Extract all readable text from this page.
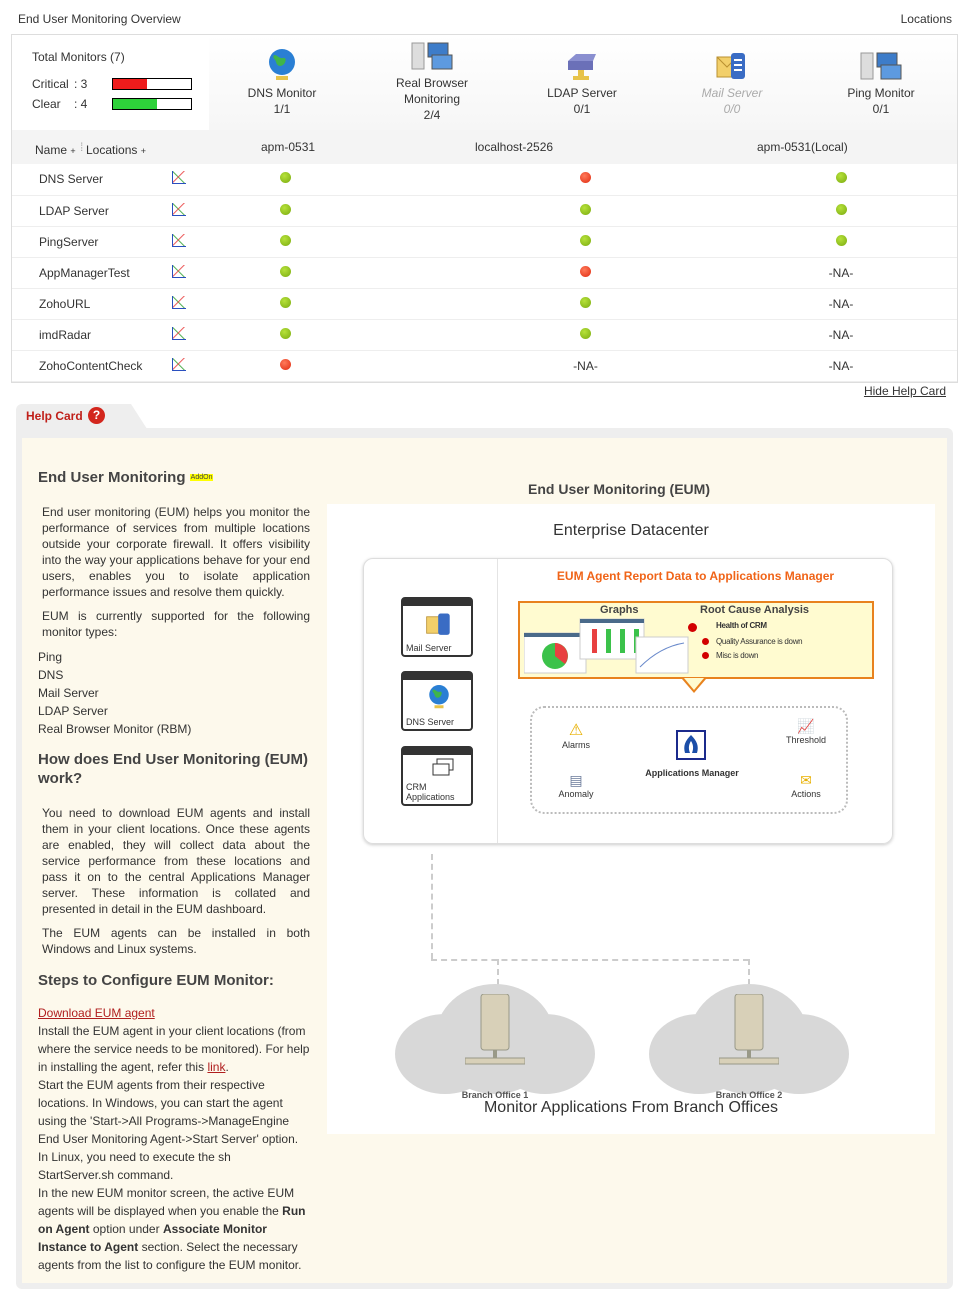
End User Monitoring Overview	Locations
Total Monitors (7)
Critical : 3
Clear : 4
DNS Monitor
1/1
Real Browser Monitoring
2/4
LDAP Server
0/1
Mail Server
0/0
Ping Monitor
0/1
Name + ⁞ Locations +	apm-0531	localhost-2526	apm-0531(Local)
DNS Server				
LDAP Server				
PingServer				
AppManagerTest				-NA-
ZohoURL				-NA-
imdRadar				-NA-
ZohoContentCheck			-NA-	-NA-
Hide Help Card
Help Card ?
End User Monitoring AddOn

End user monitoring (EUM) helps you monitor the performance of services from multiple locations outside your corporate firewall. It offers visibility into the way your applications behave for your end users, enables you to isolate application performance issues and resolve them quickly.

EUM is currently supported for the following monitor types:

Ping
DNS
Mail Server
LDAP Server
Real Browser Monitor (RBM)
How does End User Monitoring (EUM) work?

You need to download EUM agents and install them in your client locations. Once these agents are enabled, they will collect data about the service performance from these locations and pass it on to the central Applications Manager server. These information is collated and presented in detail in the EUM dashboard.

The EUM agents can be installed in both Windows and Linux systems.

Steps to Configure EUM Monitor:
Download EUM agent
Install the EUM agent in your client locations (from where the service needs to be monitored). For help in installing the agent, refer this link.
Start the EUM agents from their respective locations. In Windows, you can start the agent using the 'Start->All Programs->ManageEngine End User Monitoring Agent->Start Server' option. In Linux, you need to execute the sh StartServer.sh command.
In the new EUM monitor screen, the active EUM agents will be displayed when you enable the Run on Agent option under Associate Monitor Instance to Agent section. Select the necessary agents from the list to configure the EUM monitor.
End User Monitoring (EUM)
Enterprise Datacenter
Mail Server
DNS Server
CRM Applications
EUM Agent Report Data to Applications Manager
Graphs	Root Cause Analysis
Health of CRM
Quality Assurance is down
Misc is down
⚠
Alarms
▤
Anomaly
Applications Manager
📈
Threshold
✉
Actions
Branch Office 1	Branch Office 2
Monitor Applications From Branch Offices
